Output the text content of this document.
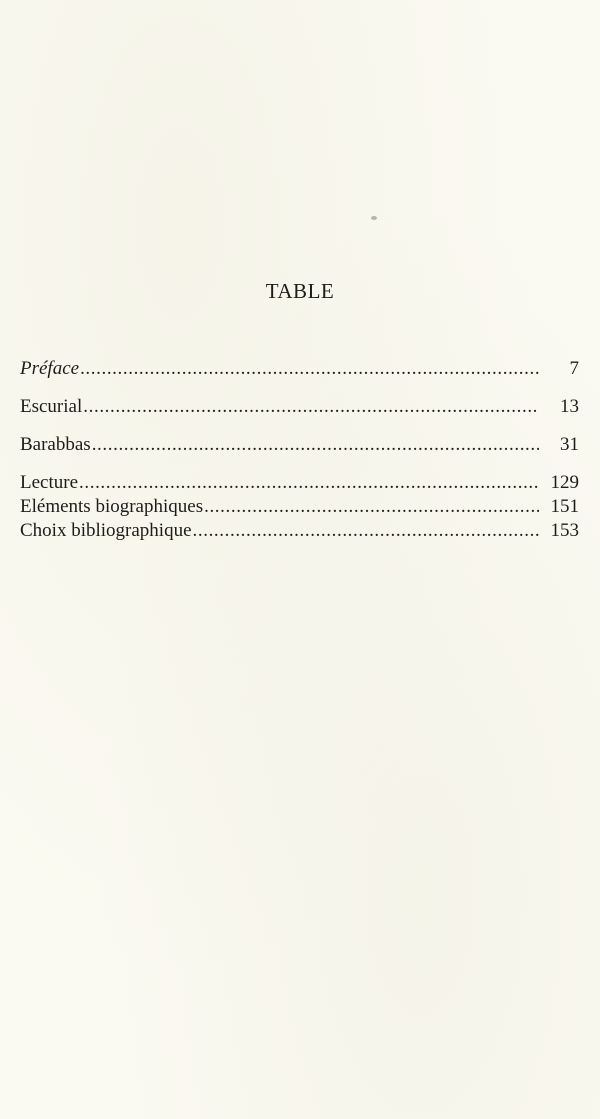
TABLE
Préface .....	7
Escurial .....	13
Barabbas .....	31
Lecture .....	129
Eléments biographiques .....	151
Choix bibliographique .....	153
